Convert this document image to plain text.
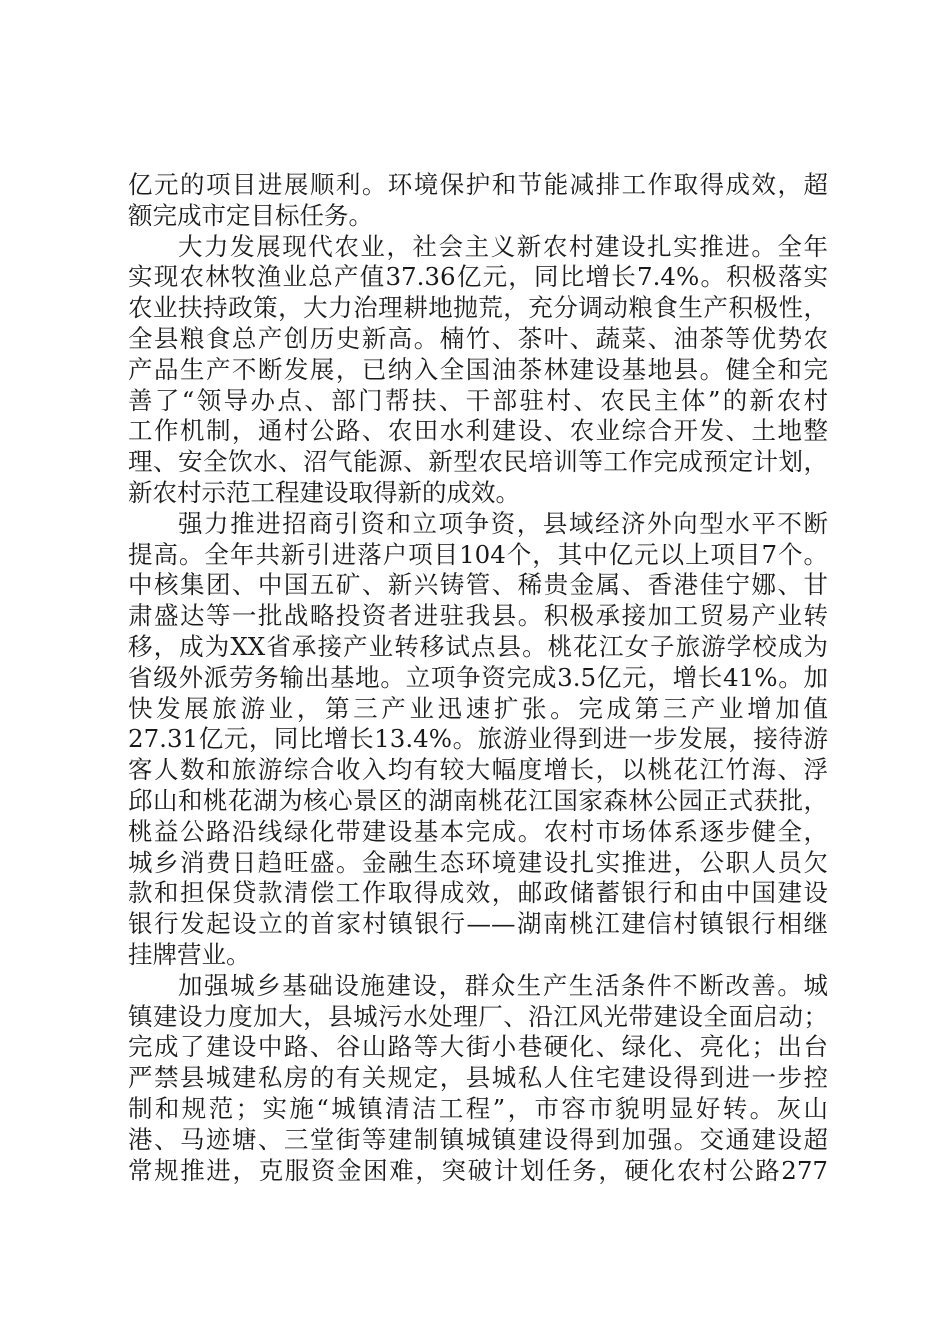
亿元的项目进展顺利。环境保护和节能减排工作取得成效，超
额完成市定目标任务。
大力发展现代农业，社会主义新农村建设扎实推进。全年
实现农林牧渔业总产值37.36亿元，同比增长7.4%。积极落实
农业扶持政策，大力治理耕地抛荒，充分调动粮食生产积极性，
全县粮食总产创历史新高。楠竹、茶叶、蔬菜、油茶等优势农
产品生产不断发展，已纳入全国油茶林建设基地县。健全和完
善了“领导办点、部门帮扶、干部驻村、农民主体”的新农村
工作机制，通村公路、农田水利建设、农业综合开发、土地整
理、安全饮水、沼气能源、新型农民培训等工作完成预定计划，
新农村示范工程建设取得新的成效。
强力推进招商引资和立项争资，县域经济外向型水平不断
提高。全年共新引进落户项目104个，其中亿元以上项目7个。
中核集团、中国五矿、新兴铸管、稀贵金属、香港佳宁娜、甘
肃盛达等一批战略投资者进驻我县。积极承接加工贸易产业转
移，成为XX省承接产业转移试点县。桃花江女子旅游学校成为
省级外派劳务输出基地。立项争资完成3.5亿元，增长41%。加
快发展旅游业，第三产业迅速扩张。完成第三产业增加值
27.31亿元，同比增长13.4%。旅游业得到进一步发展，接待游
客人数和旅游综合收入均有较大幅度增长，以桃花江竹海、浮
邱山和桃花湖为核心景区的湖南桃花江国家森林公园正式获批，
桃益公路沿线绿化带建设基本完成。农村市场体系逐步健全，
城乡消费日趋旺盛。金融生态环境建设扎实推进，公职人员欠
款和担保贷款清偿工作取得成效，邮政储蓄银行和由中国建设
银行发起设立的首家村镇银行——湖南桃江建信村镇银行相继
挂牌营业。
加强城乡基础设施建设，群众生产生活条件不断改善。城
镇建设力度加大，县城污水处理厂、沿江风光带建设全面启动；
完成了建设中路、谷山路等大街小巷硬化、绿化、亮化；出台
严禁县城建私房的有关规定，县城私人住宅建设得到进一步控
制和规范；实施“城镇清洁工程”，市容市貌明显好转。灰山
港、马迹塘、三堂街等建制镇城镇建设得到加强。交通建设超
常规推进，克服资金困难，突破计划任务，硬化农村公路277
